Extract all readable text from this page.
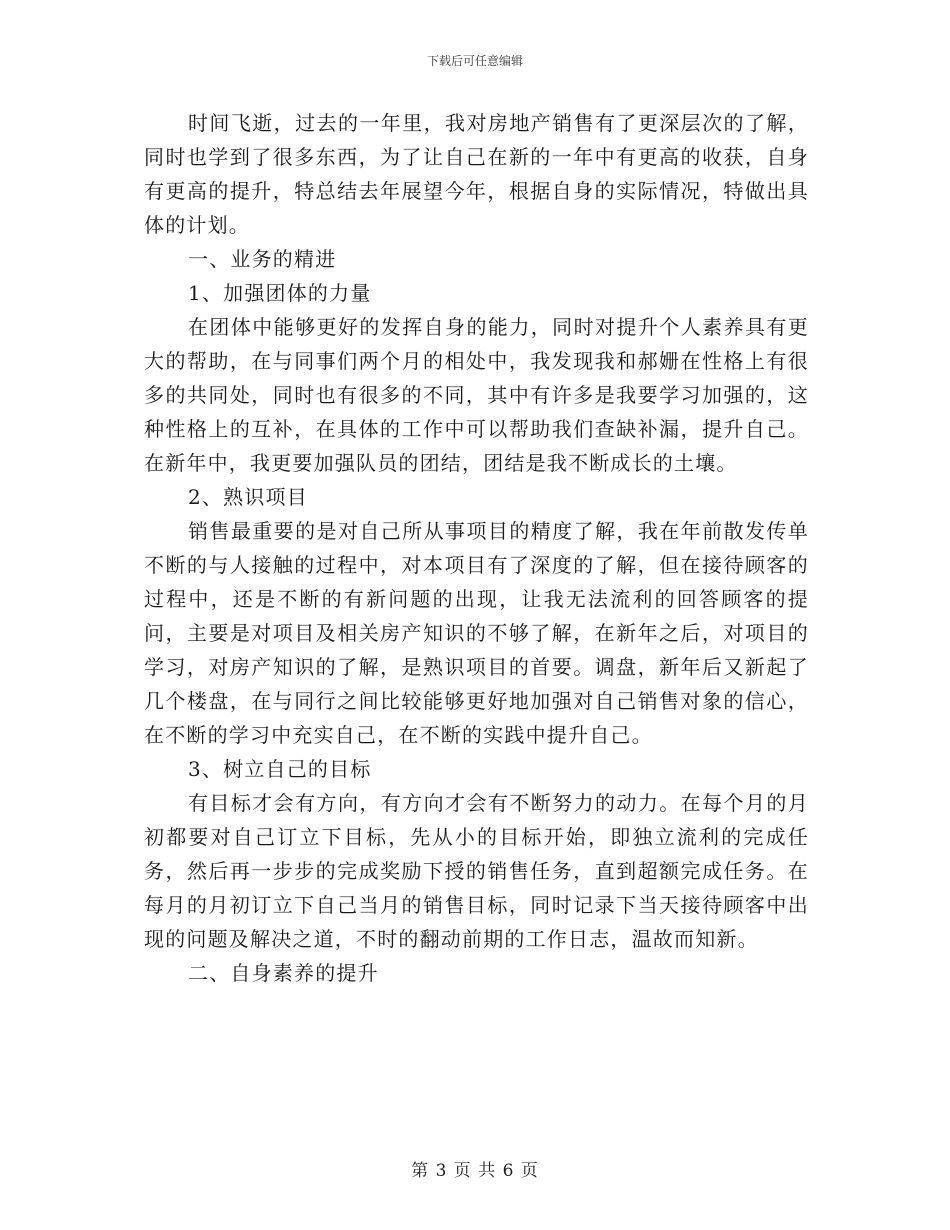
下载后可任意编辑

时间飞逝，过去的一年里，我对房地产销售有了更深层次的了解，同时也学到了很多东西，为了让自己在新的一年中有更高的收获，自身有更高的提升，特总结去年展望今年，根据自身的实际情况，特做出具体的计划。

一、业务的精进

1、加强团体的力量

在团体中能够更好的发挥自身的能力，同时对提升个人素养具有更大的帮助，在与同事们两个月的相处中，我发现我和郝姗在性格上有很多的共同处，同时也有很多的不同，其中有许多是我要学习加强的，这种性格上的互补，在具体的工作中可以帮助我们查缺补漏，提升自己。在新年中，我更要加强队员的团结，团结是我不断成长的土壤。

2、熟识项目

销售最重要的是对自己所从事项目的精度了解，我在年前散发传单不断的与人接触的过程中，对本项目有了深度的了解，但在接待顾客的过程中，还是不断的有新问题的出现，让我无法流利的回答顾客的提问，主要是对项目及相关房产知识的不够了解，在新年之后，对项目的学习，对房产知识的了解，是熟识项目的首要。调盘，新年后又新起了几个楼盘，在与同行之间比较能够更好地加强对自己销售对象的信心，在不断的学习中充实自己，在不断的实践中提升自己。

3、树立自己的目标

有目标才会有方向，有方向才会有不断努力的动力。在每个月的月初都要对自己订立下目标，先从小的目标开始，即独立流利的完成任务，然后再一步步的完成奖励下授的销售任务，直到超额完成任务。在每月的月初订立下自己当月的销售目标，同时记录下当天接待顾客中出现的问题及解决之道，不时的翻动前期的工作日志，温故而知新。

二、自身素养的提升

第 3 页 共 6 页
